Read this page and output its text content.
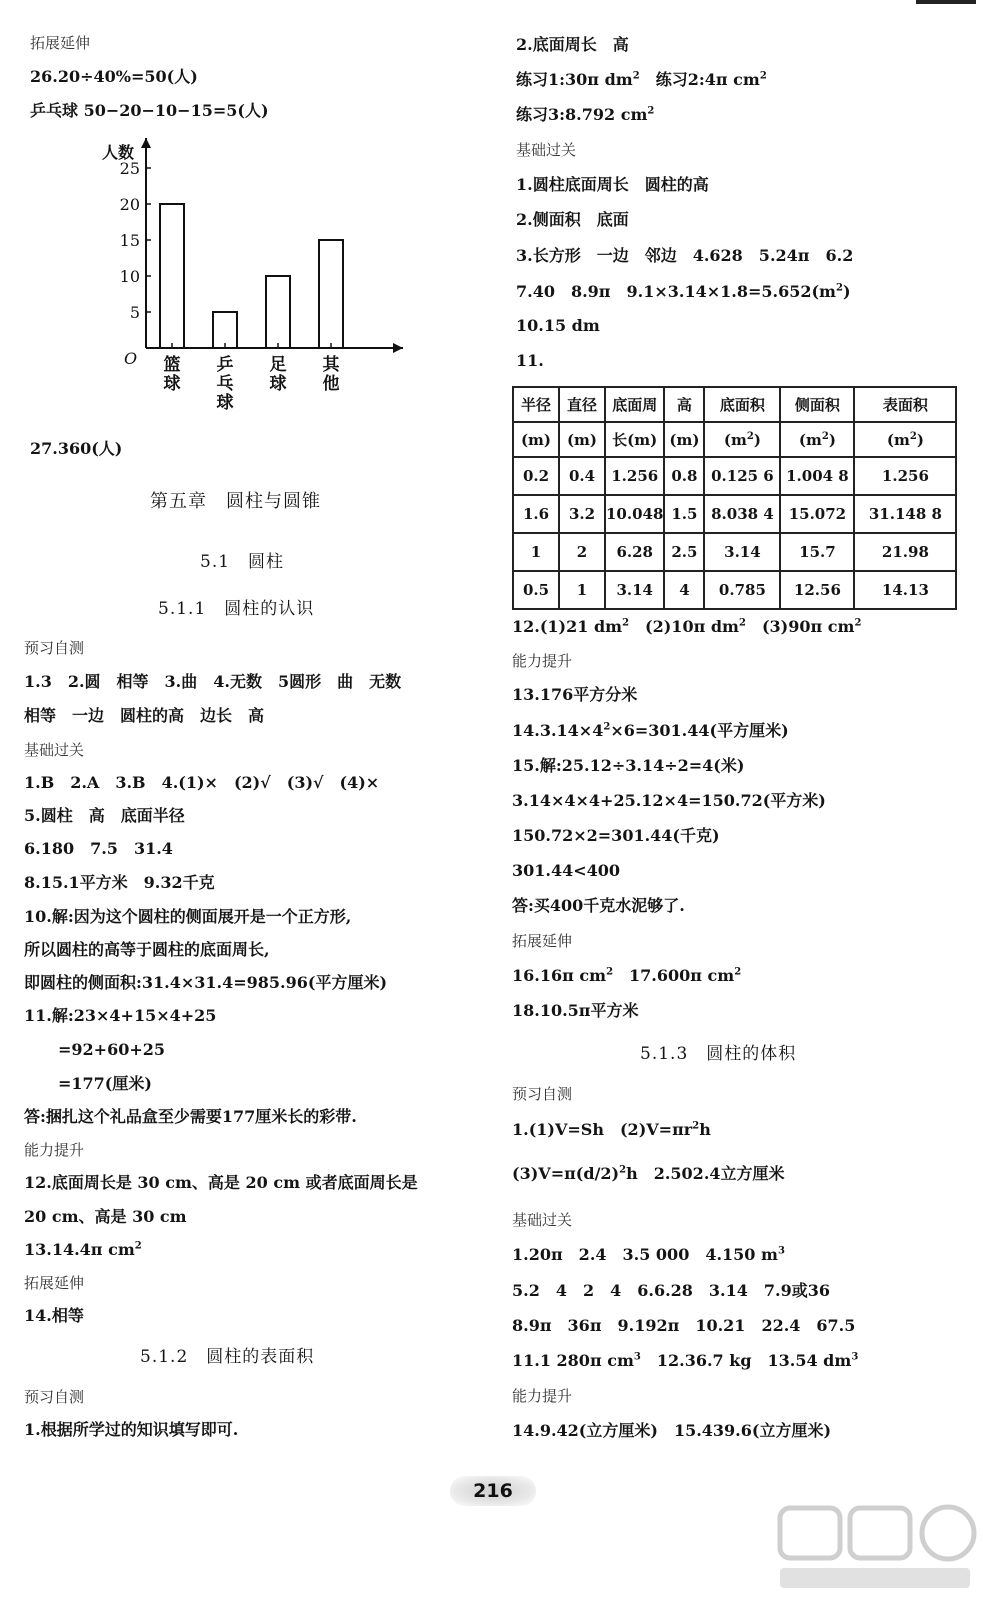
拓展延伸
26.20÷40%=50(人)
乒乓球 50−20−10−15=5(人)
人数
O
5
10
15
20
25
篮
球
乒
乓
球
足
球
其
他
27.360(人)
第五章　圆柱与圆锥
5.1　圆柱
5.1.1　圆柱的认识
预习自测
1.3　2.圆　相等　3.曲　4.无数　5圆形　曲　无数
相等　一边　圆柱的高　边长　高
基础过关
1.B　2.A　3.B　4.(1)×　(2)√　(3)√　(4)×
5.圆柱　高　底面半径
6.180　7.5　31.4
8.15.1平方米　9.32千克
10.解:因为这个圆柱的侧面展开是一个正方形,
所以圆柱的高等于圆柱的底面周长,
即圆柱的侧面积:31.4×31.4=985.96(平方厘米)
11.解:23×4+15×4+25
=92+60+25
=177(厘米)
答:捆扎这个礼品盒至少需要177厘米长的彩带.
能力提升
12.底面周长是 30 cm、高是 20 cm 或者底面周长是
20 cm、高是 30 cm
13.14.4π $cm^2$
拓展延伸
14.相等
5.1.2　圆柱的表面积
预习自测
1.根据所学过的知识填写即可.
2.底面周长　高
练习1:30π $dm^2$　练习2:4π $cm^2$
练习3:8.792 $cm^2$
基础过关
1.圆柱底面周长　圆柱的高
2.侧面积　底面
3.长方形　一边　邻边　4.628　5.24π　6.2
7.40　8.9π　$9.1\times 3.14\times 1.8=5.652(m^2)$
10.15 dm
11.
12.(1)21 $dm^2$　(2)10π $dm^2$　(3)90π $cm^2$
能力提升
13.176平方分米
$14.3.14\times 4^2\times 6=301.44$(平方厘米)
15.解:25.12÷3.14÷2=4(米)
3.14×4×4+25.12×4=150.72(平方米)
150.72×2=301.44(千克)
301.44<400
答:买400千克水泥够了.
拓展延伸
16.16π $cm^2$　17.600π $cm^2$
18.10.5π平方米
5.1.3　圆柱的体积
预习自测
1.(1)V=Sh　$(2)V=\pi r^2h$
$(3)V=\pi(d/2)^2h$　2.502.4立方厘米
基础过关
1.20π　2.4　3.5 000　4.150 $m^3$
5.2　4　2　4　6.6.28　3.14　7.9或36
8.9π　36π　9.192π　10.21　22.4　67.5
11.1 280π $cm^3$　12.36.7 kg　13.54 $dm^3$
能力提升
14.9.42(立方厘米)　15.439.6(立方厘米)
半径	直径	底面周	高	底面积	侧面积	表面积
(m)	(m)	长(m)	(m)	$(m^2)$	$(m^2)$	$(m^2)$
0.2	0.4	1.256	0.8	0.125 6	1.004 8	1.256
1.6	3.2	10.048	1.5	8.038 4	15.072	31.148 8
1	2	6.28	2.5	3.14	15.7	21.98
0.5	1	3.14	4	0.785	12.56	14.13
216
